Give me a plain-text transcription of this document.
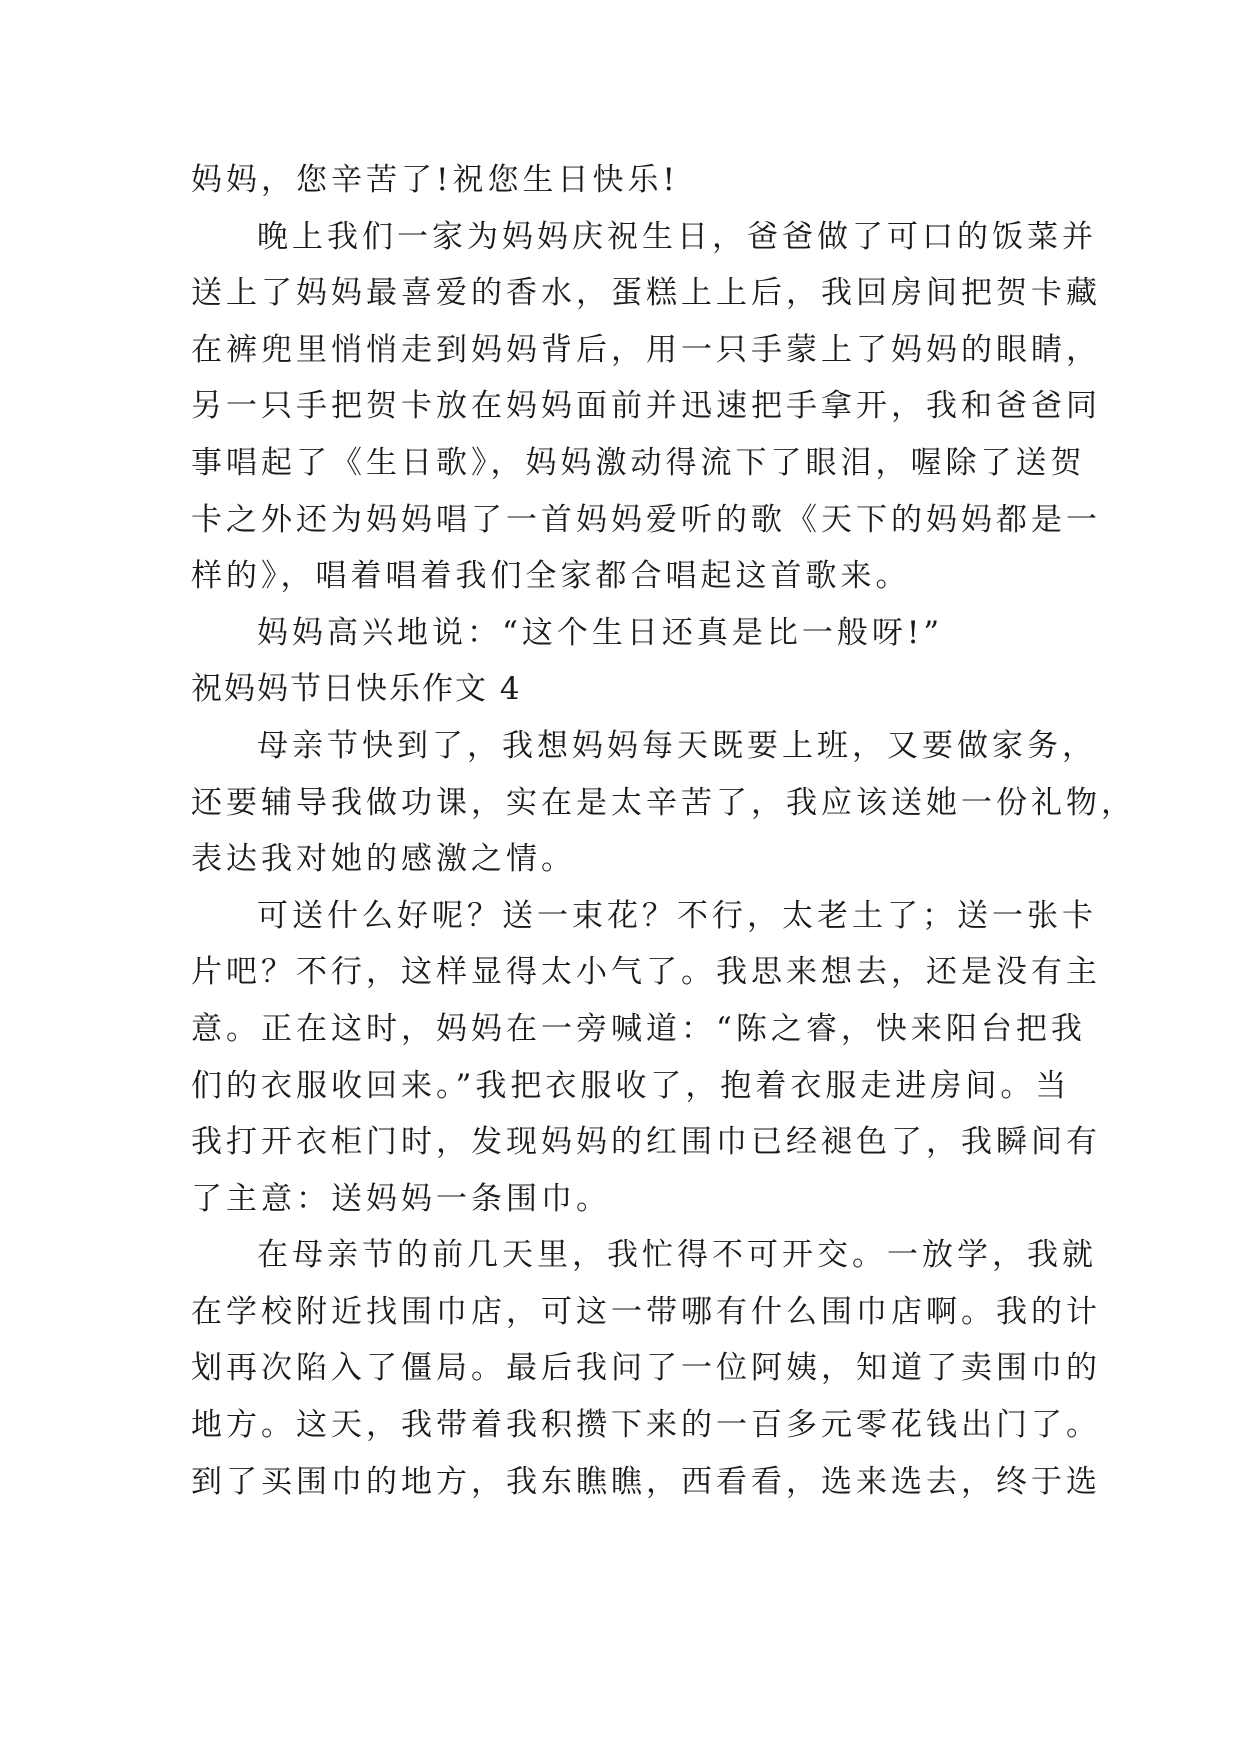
妈妈，您辛苦了!祝您生日快乐!
晚上我们一家为妈妈庆祝生日，爸爸做了可口的饭菜并
送上了妈妈最喜爱的香水，蛋糕上上后，我回房间把贺卡藏
在裤兜里悄悄走到妈妈背后，用一只手蒙上了妈妈的眼睛，
另一只手把贺卡放在妈妈面前并迅速把手拿开，我和爸爸同
事唱起了《生日歌》，妈妈激动得流下了眼泪，喔除了送贺
卡之外还为妈妈唱了一首妈妈爱听的歌《天下的妈妈都是一
样的》，唱着唱着我们全家都合唱起这首歌来。
妈妈高兴地说：“这个生日还真是比一般呀!”
祝妈妈节日快乐作文 4
母亲节快到了，我想妈妈每天既要上班，又要做家务，
还要辅导我做功课，实在是太辛苦了，我应该送她一份礼物，
表达我对她的感激之情。
可送什么好呢？送一束花？不行，太老土了；送一张卡
片吧？不行，这样显得太小气了。我思来想去，还是没有主
意。正在这时，妈妈在一旁喊道：“陈之睿，快来阳台把我
们的衣服收回来。”我把衣服收了，抱着衣服走进房间。当
我打开衣柜门时，发现妈妈的红围巾已经褪色了，我瞬间有
了主意：送妈妈一条围巾。
在母亲节的前几天里，我忙得不可开交。一放学，我就
在学校附近找围巾店，可这一带哪有什么围巾店啊。我的计
划再次陷入了僵局。最后我问了一位阿姨，知道了卖围巾的
地方。这天，我带着我积攒下来的一百多元零花钱出门了。
到了买围巾的地方，我东瞧瞧，西看看，选来选去，终于选
